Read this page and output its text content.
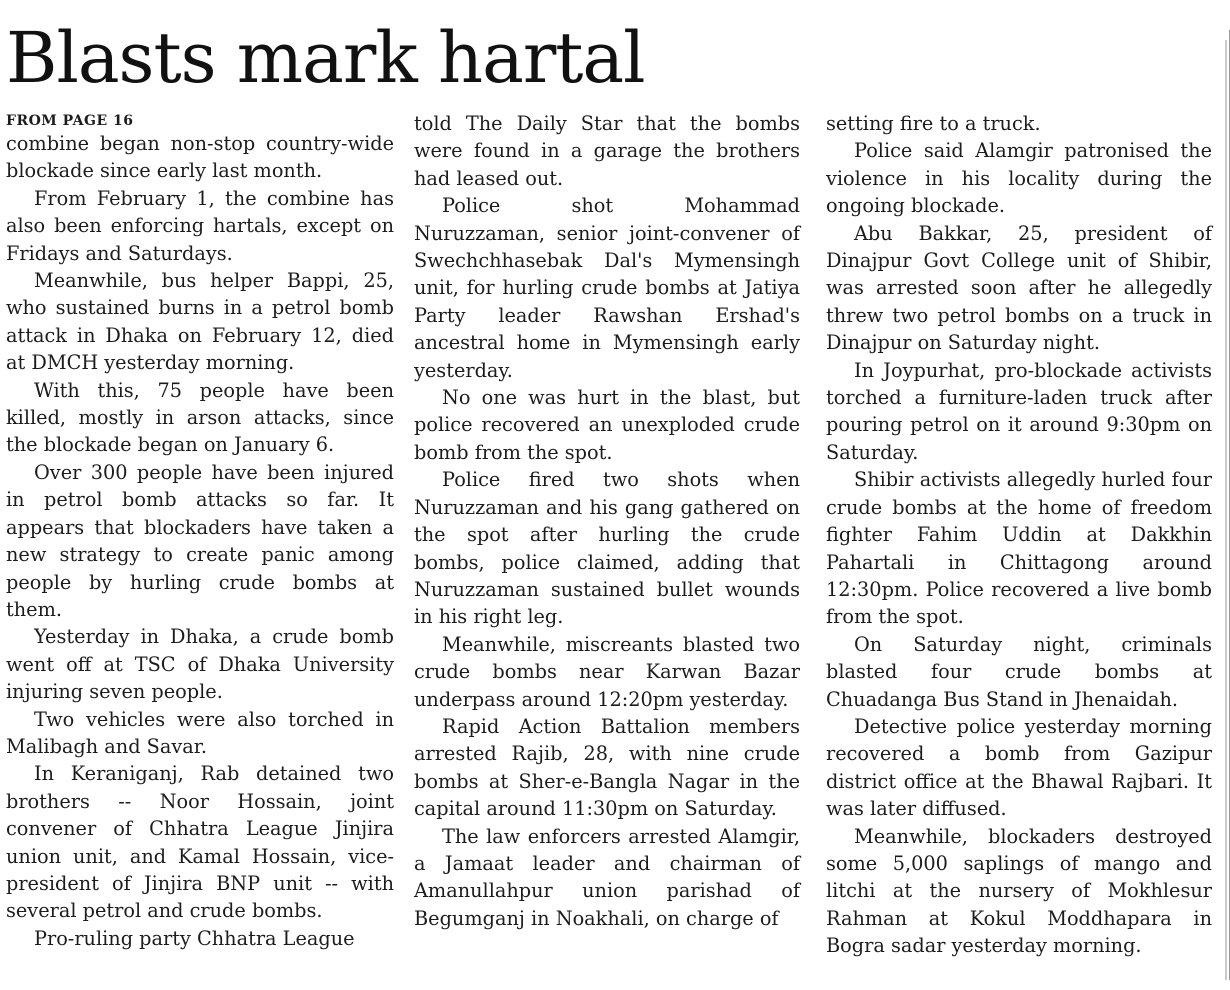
Blasts mark hartal
FROM PAGE 16

combine began non-stop country-wide blockade since early last month.

From February 1, the combine has also been enforcing hartals, except on Fridays and Saturdays.

Meanwhile, bus helper Bappi, 25, who sustained burns in a petrol bomb attack in Dhaka on February 12, died at DMCH yesterday morning.

With this, 75 people have been killed, mostly in arson attacks, since the blockade began on January 6.

Over 300 people have been injured in petrol bomb attacks so far. It appears that blockaders have taken a new strategy to create panic among people by hurling crude bombs at them.

Yesterday in Dhaka, a crude bomb went off at TSC of Dhaka University injuring seven people.

Two vehicles were also torched in Malibagh and Savar.

In Keraniganj, Rab detained two brothers -- Noor Hossain, joint convener of Chhatra League Jinjira union unit, and Kamal Hossain, vice-president of Jinjira BNP unit -- with several petrol and crude bombs.

Pro-ruling party Chhatra League

told The Daily Star that the bombs were found in a garage the brothers had leased out.

Police shot Mohammad Nuruzzaman, senior joint-convener of Swechchhasebak Dal's Mymensingh unit, for hurling crude bombs at Jatiya Party leader Rawshan Ershad's ancestral home in Mymensingh early yesterday.

No one was hurt in the blast, but police recovered an unexploded crude bomb from the spot.

Police fired two shots when Nuruzzaman and his gang gathered on the spot after hurling the crude bombs, police claimed, adding that Nuruzzaman sustained bullet wounds in his right leg.

Meanwhile, miscreants blasted two crude bombs near Karwan Bazar underpass around 12:20pm yesterday.

Rapid Action Battalion members arrested Rajib, 28, with nine crude bombs at Sher-e-Bangla Nagar in the capital around 11:30pm on Saturday.

The law enforcers arrested Alamgir, a Jamaat leader and chairman of Amanullahpur union parishad of Begumganj in Noakhali, on charge of

setting fire to a truck.

Police said Alamgir patronised the violence in his locality during the ongoing blockade.

Abu Bakkar, 25, president of Dinajpur Govt College unit of Shibir, was arrested soon after he allegedly threw two petrol bombs on a truck in Dinajpur on Saturday night.

In Joypurhat, pro-blockade activists torched a furniture-laden truck after pouring petrol on it around 9:30pm on Saturday.

Shibir activists allegedly hurled four crude bombs at the home of freedom fighter Fahim Uddin at Dakkhin Pahartali in Chittagong around 12:30pm. Police recovered a live bomb from the spot.

On Saturday night, criminals blasted four crude bombs at Chuadanga Bus Stand in Jhenaidah.

Detective police yesterday morning recovered a bomb from Gazipur district office at the Bhawal Rajbari. It was later diffused.

Meanwhile, blockaders destroyed some 5,000 saplings of mango and litchi at the nursery of Mokhlesur Rahman at Kokul Moddhapara in Bogra sadar yesterday morning.
